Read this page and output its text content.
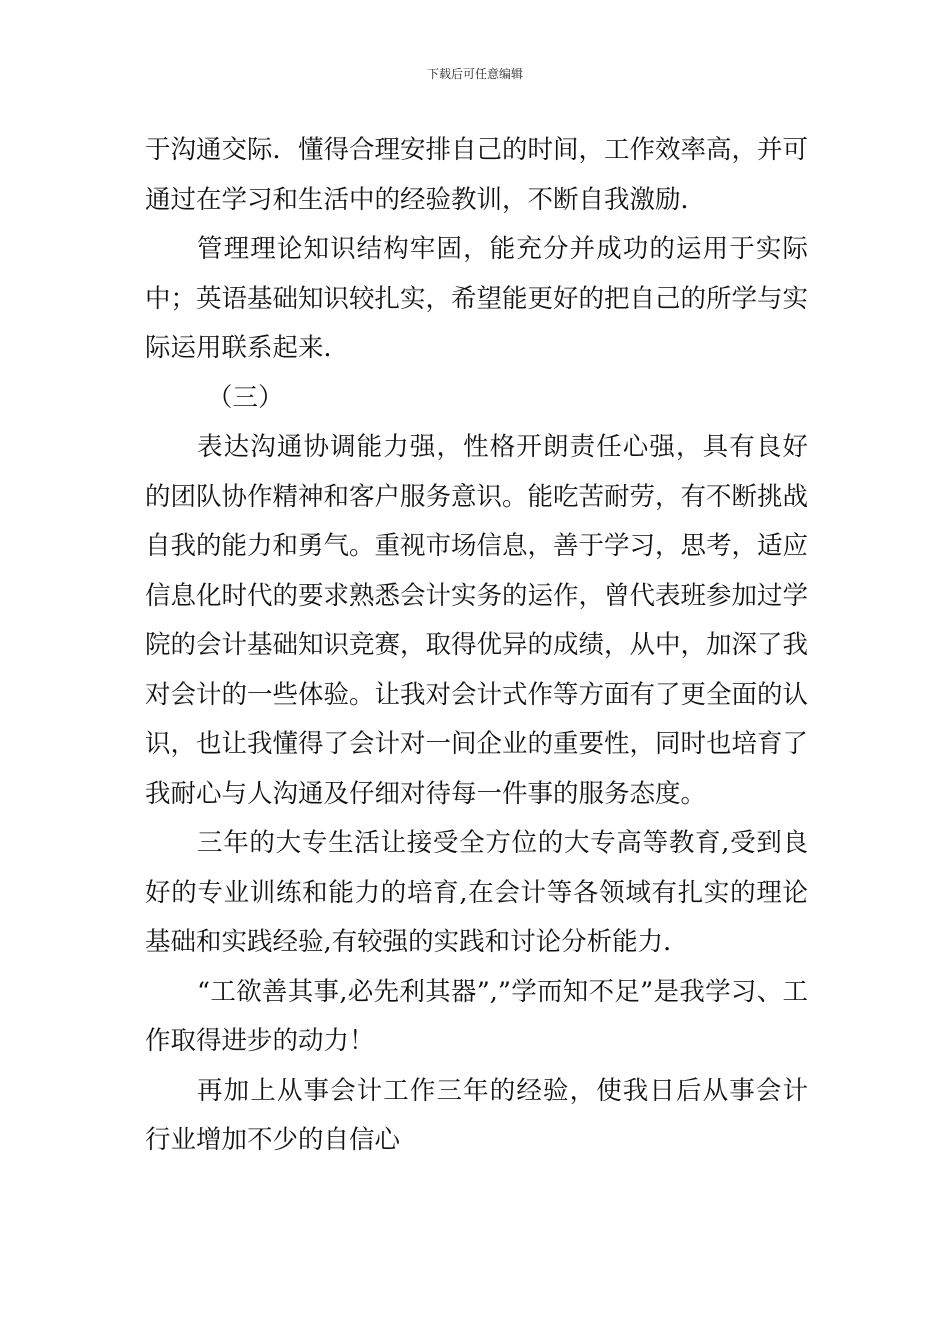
下载后可任意编辑

于沟通交际．懂得合理安排自己的时间，工作效率高，并可通过在学习和生活中的经验教训，不断自我激励．

管理理论知识结构牢固，能充分并成功的运用于实际中；英语基础知识较扎实，希望能更好的把自己的所学与实际运用联系起来．

（三）

表达沟通协调能力强，性格开朗责任心强，具有良好的团队协作精神和客户服务意识。能吃苦耐劳，有不断挑战自我的能力和勇气。重视市场信息，善于学习，思考，适应信息化时代的要求熟悉会计实务的运作，曾代表班参加过学院的会计基础知识竞赛，取得优异的成绩，从中，加深了我对会计的一些体验。让我对会计式作等方面有了更全面的认识，也让我懂得了会计对一间企业的重要性，同时也培育了我耐心与人沟通及仔细对待每一件事的服务态度。

三年的大专生活让接受全方位的大专高等教育,受到良好的专业训练和能力的培育,在会计等各领域有扎实的理论基础和实践经验,有较强的实践和讨论分析能力．

“工欲善其事,必先利其器”,”学而知不足”是我学习、工作取得进步的动力！

再加上从事会计工作三年的经验，使我日后从事会计行业增加不少的自信心
